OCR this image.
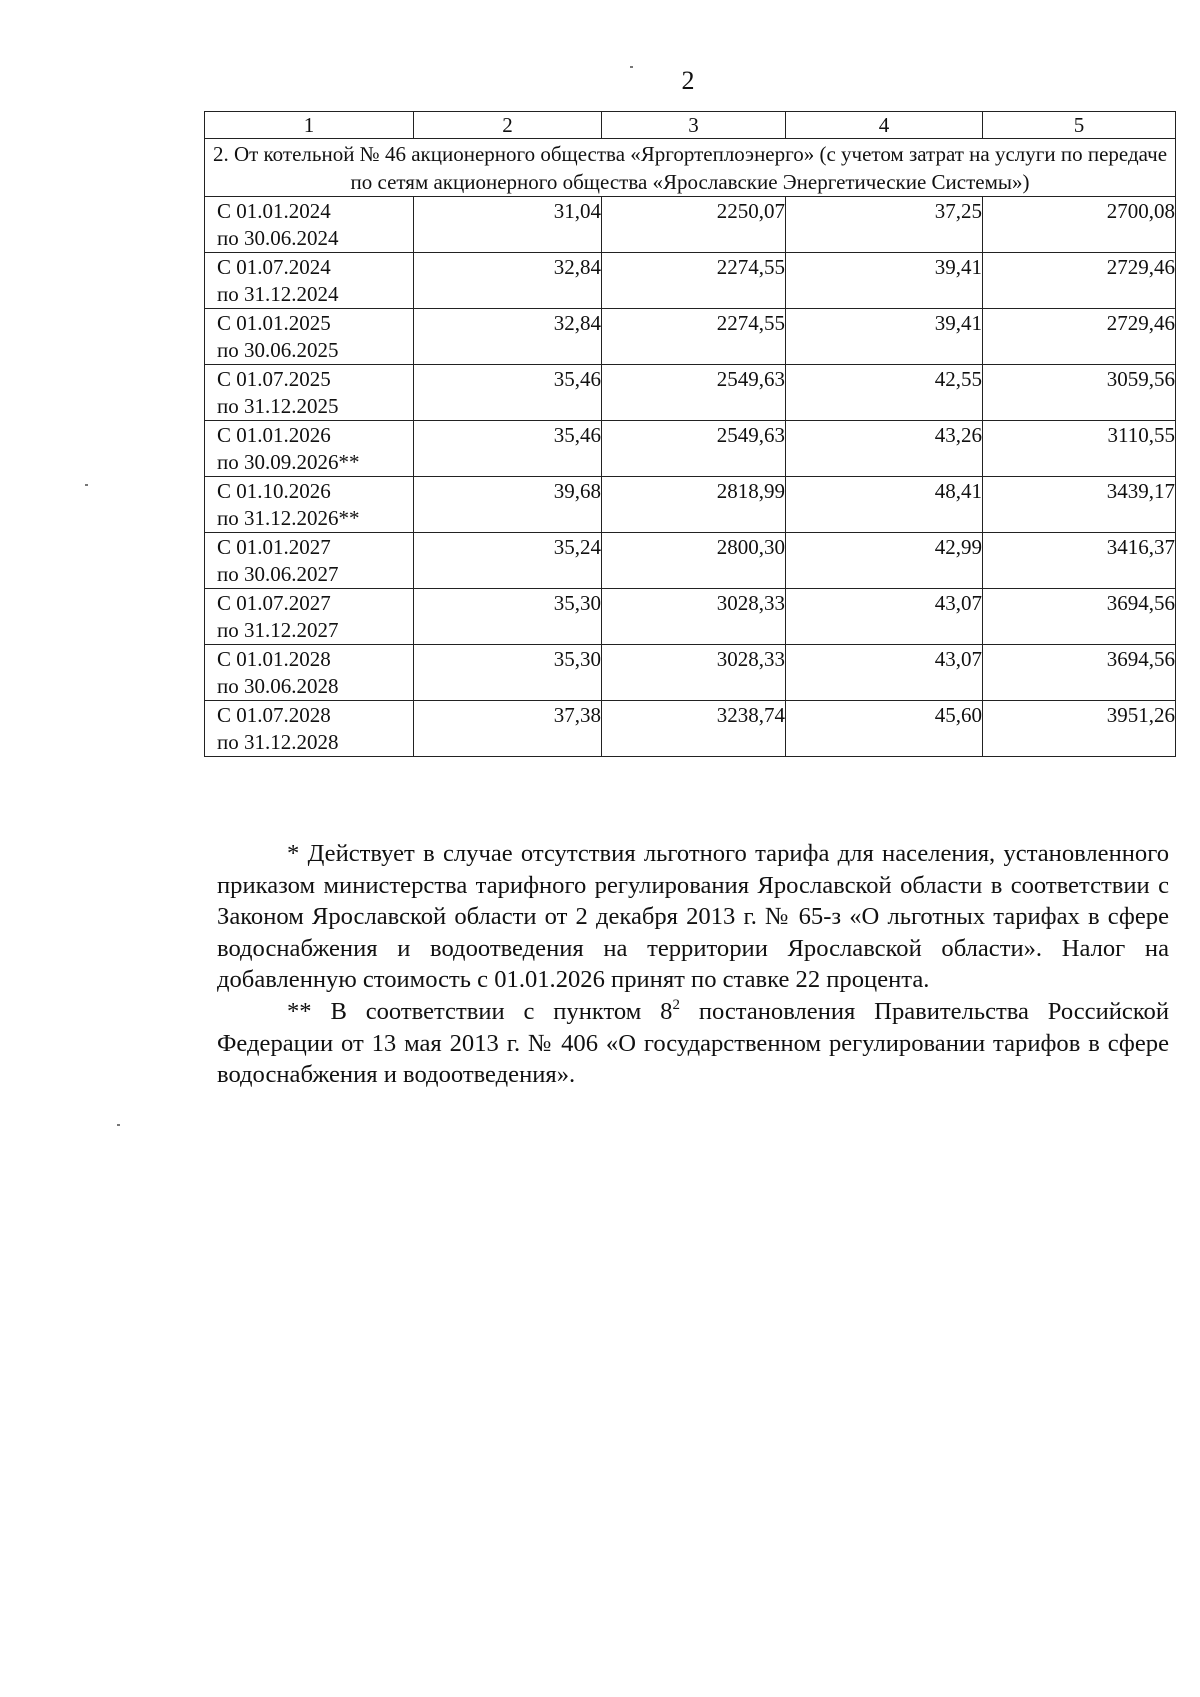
2
1	2	3	4	5
2. От котельной № 46 акционерного общества «Яргортеплоэнерго» (с учетом затрат на услуги по передаче по сетям акционерного общества «Ярославские Энергетические Системы»)				

С 01.01.2024
по 30.06.2024	31,04	2250,07	37,25	2700,08

С 01.07.2024
по 31.12.2024	32,84	2274,55	39,41	2729,46

С 01.01.2025
по 30.06.2025	32,84	2274,55	39,41	2729,46

С 01.07.2025
по 31.12.2025	35,46	2549,63	42,55	3059,56

С 01.01.2026
по 30.09.2026**	35,46	2549,63	43,26	3110,55

С 01.10.2026
по 31.12.2026**	39,68	2818,99	48,41	3439,17

С 01.01.2027
по 30.06.2027	35,24	2800,30	42,99	3416,37

С 01.07.2027
по 31.12.2027	35,30	3028,33	43,07	3694,56

С 01.01.2028
по 30.06.2028	35,30	3028,33	43,07	3694,56

С 01.07.2028
по 31.12.2028	37,38	3238,74	45,60	3951,26

* Действует в случае отсутствия льготного тарифа для населения, установленного приказом министерства тарифного регулирования Ярославской области в соответствии с Законом Ярославской области от 2 декабря 2013 г. № 65-з «О льготных тарифах в сфере водоснабжения и водоотведения на территории Ярославской области». Налог на добавленную стоимость с 01.01.2026 принят по ставке 22 процента.

** В соответствии с пунктом $8^2$ постановления Правительства Российской Федерации от 13 мая 2013 г. № 406 «О государственном регулировании тарифов в сфере водоснабжения и водоотведения».
